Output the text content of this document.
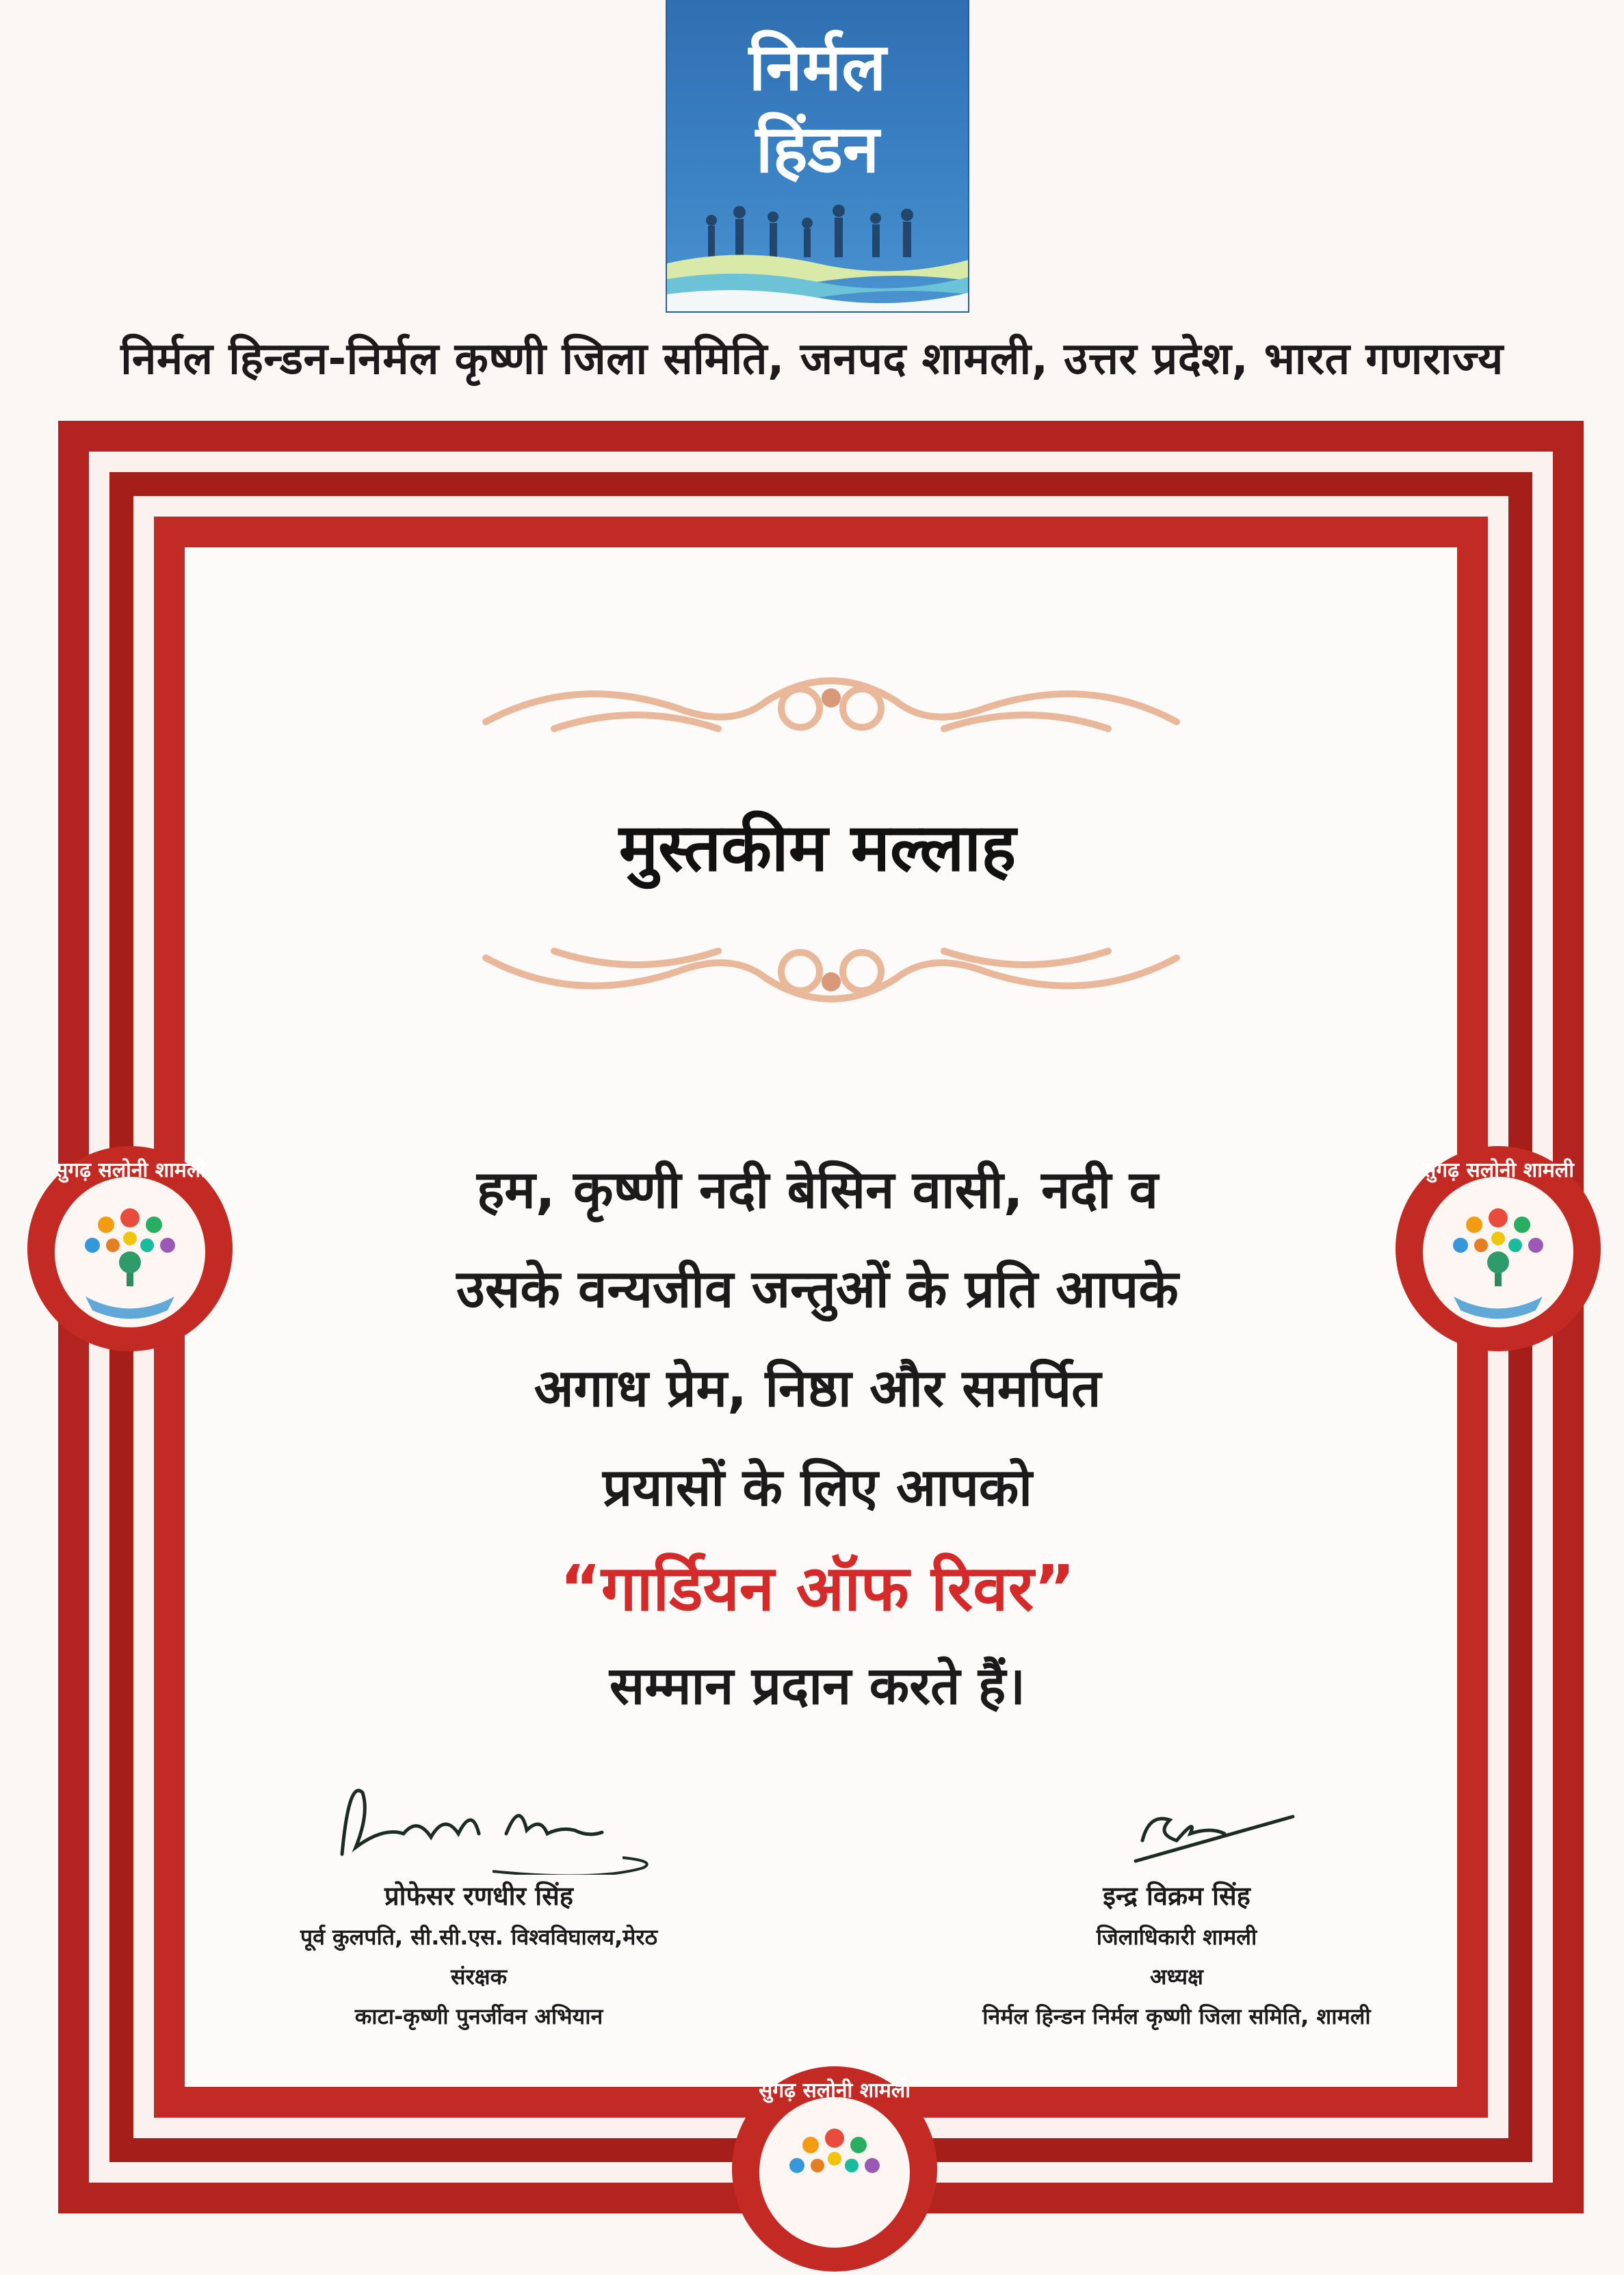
निर्मल
हिंडन
निर्मल हिन्डन-निर्मल कृष्णी जिला समिति, जनपद शामली, उत्तर प्रदेश, भारत गणराज्य
मुस्तकीम मल्लाह
हम, कृष्णी नदी बेसिन वासी, नदी व
उसके वन्यजीव जन्तुओं के प्रति आपके
अगाध प्रेम, निष्ठा और समर्पित
प्रयासों के लिए आपको
“गार्डियन ऑफ रिवर”
सम्मान प्रदान करते हैं।
सुगढ़ सलोनी शामली	सुगढ़ सलोनी शामली
सुगढ़ सलोनी शामली
प्रोफेसर रणधीर सिंह
पूर्व कुलपति, सी.सी.एस. विश्वविघालय,मेरठ
संरक्षक
काटा-कृष्णी पुनर्जीवन अभियान
इन्द्र विक्रम सिंह
जिलाधिकारी शामली
अध्यक्ष
निर्मल हिन्डन निर्मल कृष्णी जिला समिति, शामली
